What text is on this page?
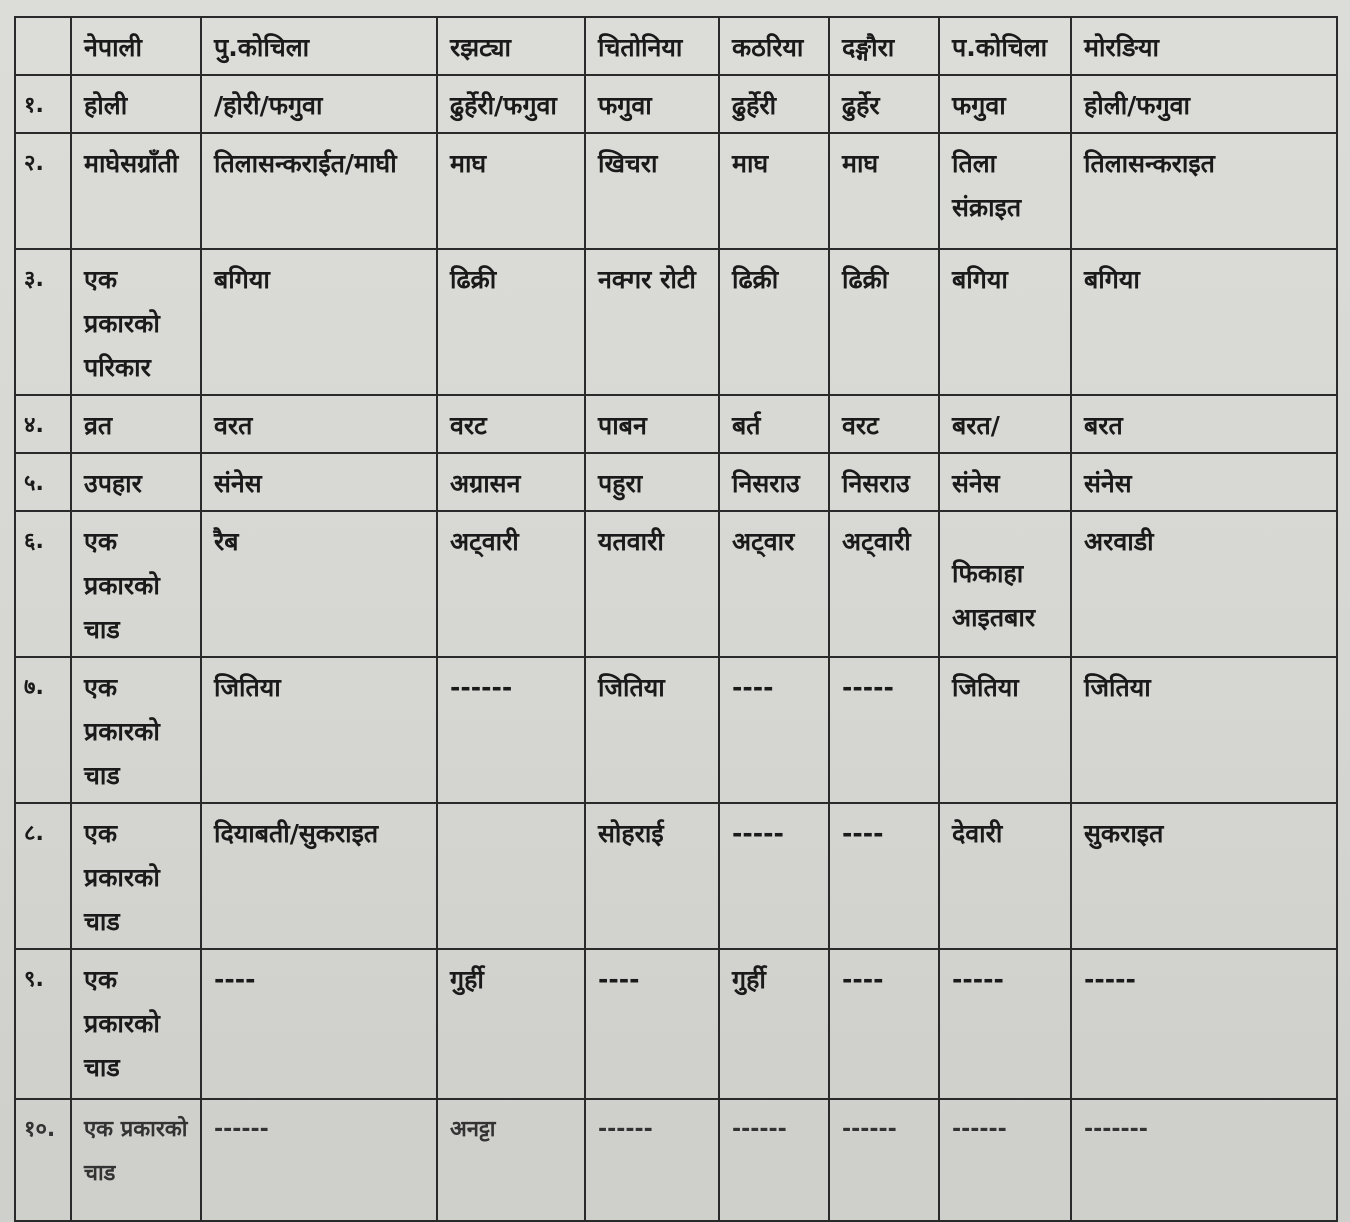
	नेपाली	पु.कोचिला	रझट्या	चितोनिया	कठरिया	दङ्गौरा	प.कोचिला	मोरङिया
१.	होली	/होरी/फगुवा	ढुर्हेरी/फगुवा	फगुवा	ढुर्हेरी	ढुर्हेर	फगुवा	होली/फगुवा
२.	माघेसग्राँती	तिलासन्कराईत/माघी	माघ	खिचरा	माघ	माघ	तिला संक्राइत	तिलासन्कराइत
३.	एक प्रकारको परिकार	बगिया	ढिक्री	नक्गर रोटी	ढिक्री	ढिक्री	बगिया	बगिया
४.	व्रत	वरत	वरट	पाबन	बर्त	वरट	बरत/	बरत
५.	उपहार	संनेस	अग्रासन	पहुरा	निसराउ	निसराउ	संनेस	संनेस
६.	एक प्रकारको चाड	रैब	अट्वारी	यतवारी	अट्वार	अट्वारी	फिकाहा आइतबार	अरवाडी
७.	एक प्रकारको चाड	जितिया	------	जितिया	----	-----	जितिया	जितिया
८.	एक प्रकारको चाड	दियाबती/सुकराइत		सोहराई	-----	----	देवारी	सुकराइत
९.	एक प्रकारको चाड	----	गुर्ही	----	गुर्ही	----	-----	-----
१०.	एक प्रकारको चाड	------	अनट्टा	------	------	------	------	-------
